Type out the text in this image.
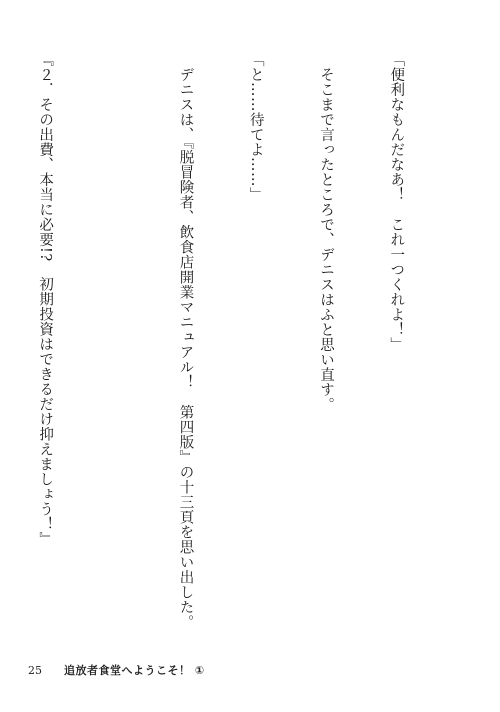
「便利なもんだなあ！　これ一つくれよ！」

　そこまで言ったところで、デニスはふと思い直す。

「と……待てよ……」

　デニスは、『脱冒険者、飲食店開業マニュアル！　第四版』の十三頁を思い出した。

『２．その出費、本当に必要!?　初期投資はできるだけ抑えましょう！』

25 追放者食堂へようこそ！ ①
